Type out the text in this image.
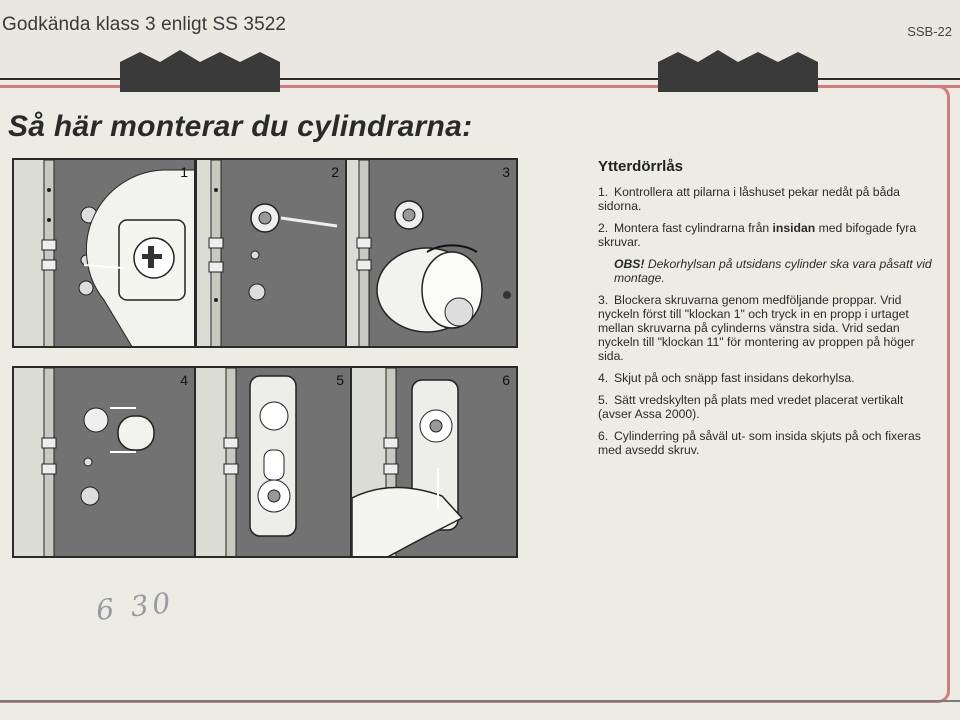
Godkända klass 3 enligt SS 3522	SSB-22
Så här monterar du cylindrarna:
1	2	3
4	5	6
Ytterdörrlås
1. Kontrollera att pilarna i låshuset pekar nedåt på båda sidorna.
2. Montera fast cylindrarna från insidan med bifogade fyra skruvar.
OBS! Dekorhylsan på utsidans cylinder ska vara påsatt vid montage.
3. Blockera skruvarna genom medföljande proppar. Vrid nyckeln först till "klockan 1" och tryck in en propp i urtaget mellan skruvarna på cylinderns vänstra sida. Vrid sedan nyckeln till "klockan 11" för montering av proppen på höger sida.
4. Skjut på och snäpp fast insidans dekorhylsa.
5. Sätt vredskylten på plats med vredet placerat vertikalt (avser Assa 2000).
6. Cylinderring på såväl ut- som insida skjuts på och fixeras med avsedd skruv.
6 30
